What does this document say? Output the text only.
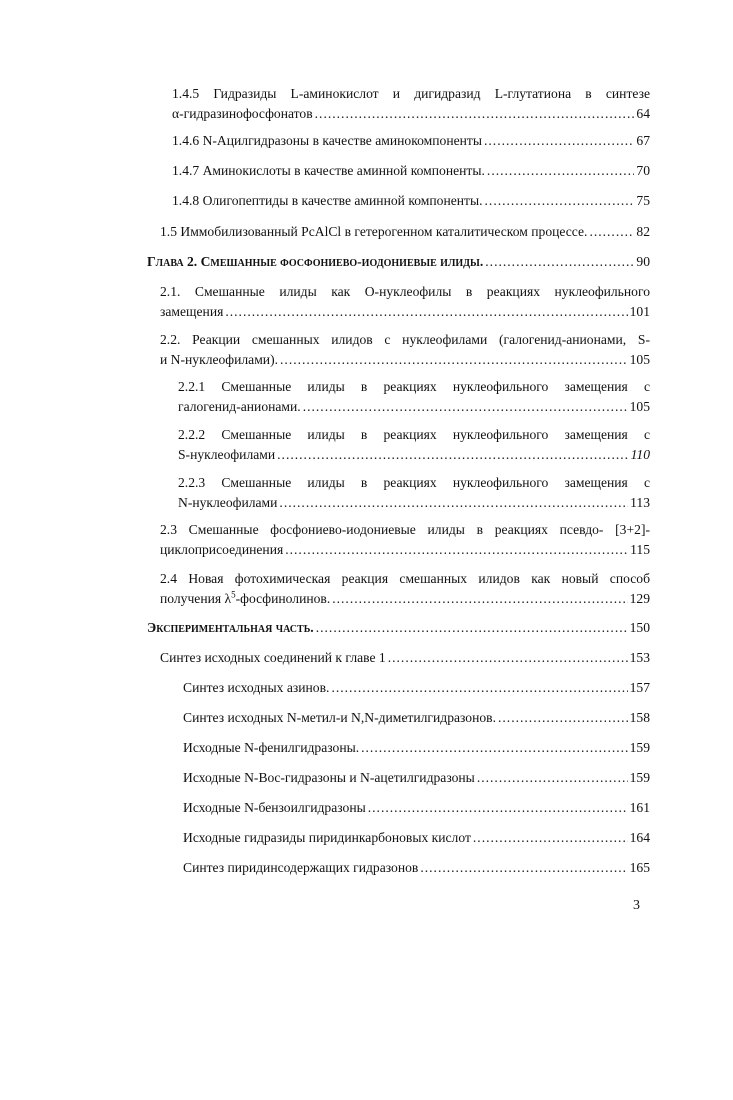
1.4.5 Гидразиды L-аминокислот и дигидразид L-глутатиона в синтезе
α-гидразинофосфонатов .....	64
1.4.6 N-Ацилгидразоны в качестве аминокомпоненты .....	67
1.4.7 Аминокислоты в качестве аминной компоненты. .....	70
1.4.8 Олигопептиды в качестве аминной компоненты. .....	75
1.5 Иммобилизованный PcAlCl в гетерогенном каталитическом процессе. .....	82
Глава 2. Смешанные фосфониево-иодониевые илиды. .....	90
2.1. Смешанные илиды как О-нуклеофилы в реакциях нуклеофильного
замещения .....	101
2.2. Реакции смешанных илидов с нуклеофилами (галогенид-анионами, S-
и N-нуклеофилами). .....	105
2.2.1 Смешанные илиды в реакциях нуклеофильного замещения с
галогенид-анионами. .....	105
2.2.2 Смешанные илиды в реакциях нуклеофильного замещения с
S-нуклеофилами .....	110
2.2.3 Смешанные илиды в реакциях нуклеофильного замещения с
N-нуклеофилами .....	113
2.3 Смешанные фосфониево-иодониевые илиды в реакциях псевдо- [3+2]-
циклоприсоединения .....	115
2.4 Новая фотохимическая реакция смешанных илидов как новый способ
получения $\lambda^5$-фосфинолинов. .....	129
Экспериментальная часть. .....	150
Синтез исходных соединений к главе 1 .....	153
Синтез исходных азинов. .....	157
Синтез исходных N-метил-и N,N-диметилгидразонов. .....	158
Исходные N-фенилгидразоны. .....	159
Исходные N-Boc-гидразоны и N-ацетилгидразоны .....	159
Исходные N-бензоилгидразоны .....	161
Исходные гидразиды пиридинкарбоновых кислот .....	164
Синтез пиридинсодержащих гидразонов .....	165
3
